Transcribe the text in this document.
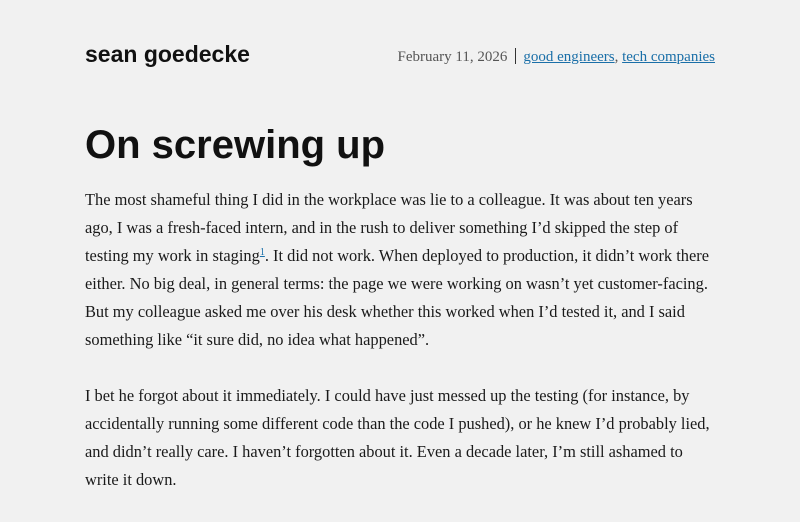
sean goedecke	February 11, 2026 good engineers, tech companies
On screwing up

The most shameful thing I did in the workplace was lie to a colleague. It was about ten years ago, I was a fresh-faced intern, and in the rush to deliver something I’d skipped the step of testing my work in staging$^1$. It did not work. When deployed to production, it didn’t work there either. No big deal, in general terms: the page we were working on wasn’t yet customer-facing. But my colleague asked me over his desk whether this worked when I’d tested it, and I said something like “it sure did, no idea what happened”.

I bet he forgot about it immediately. I could have just messed up the testing (for instance, by accidentally running some different code than the code I pushed), or he knew I’d probably lied, and didn’t really care. I haven’t forgotten about it. Even a decade later, I’m still ashamed to write it down.
